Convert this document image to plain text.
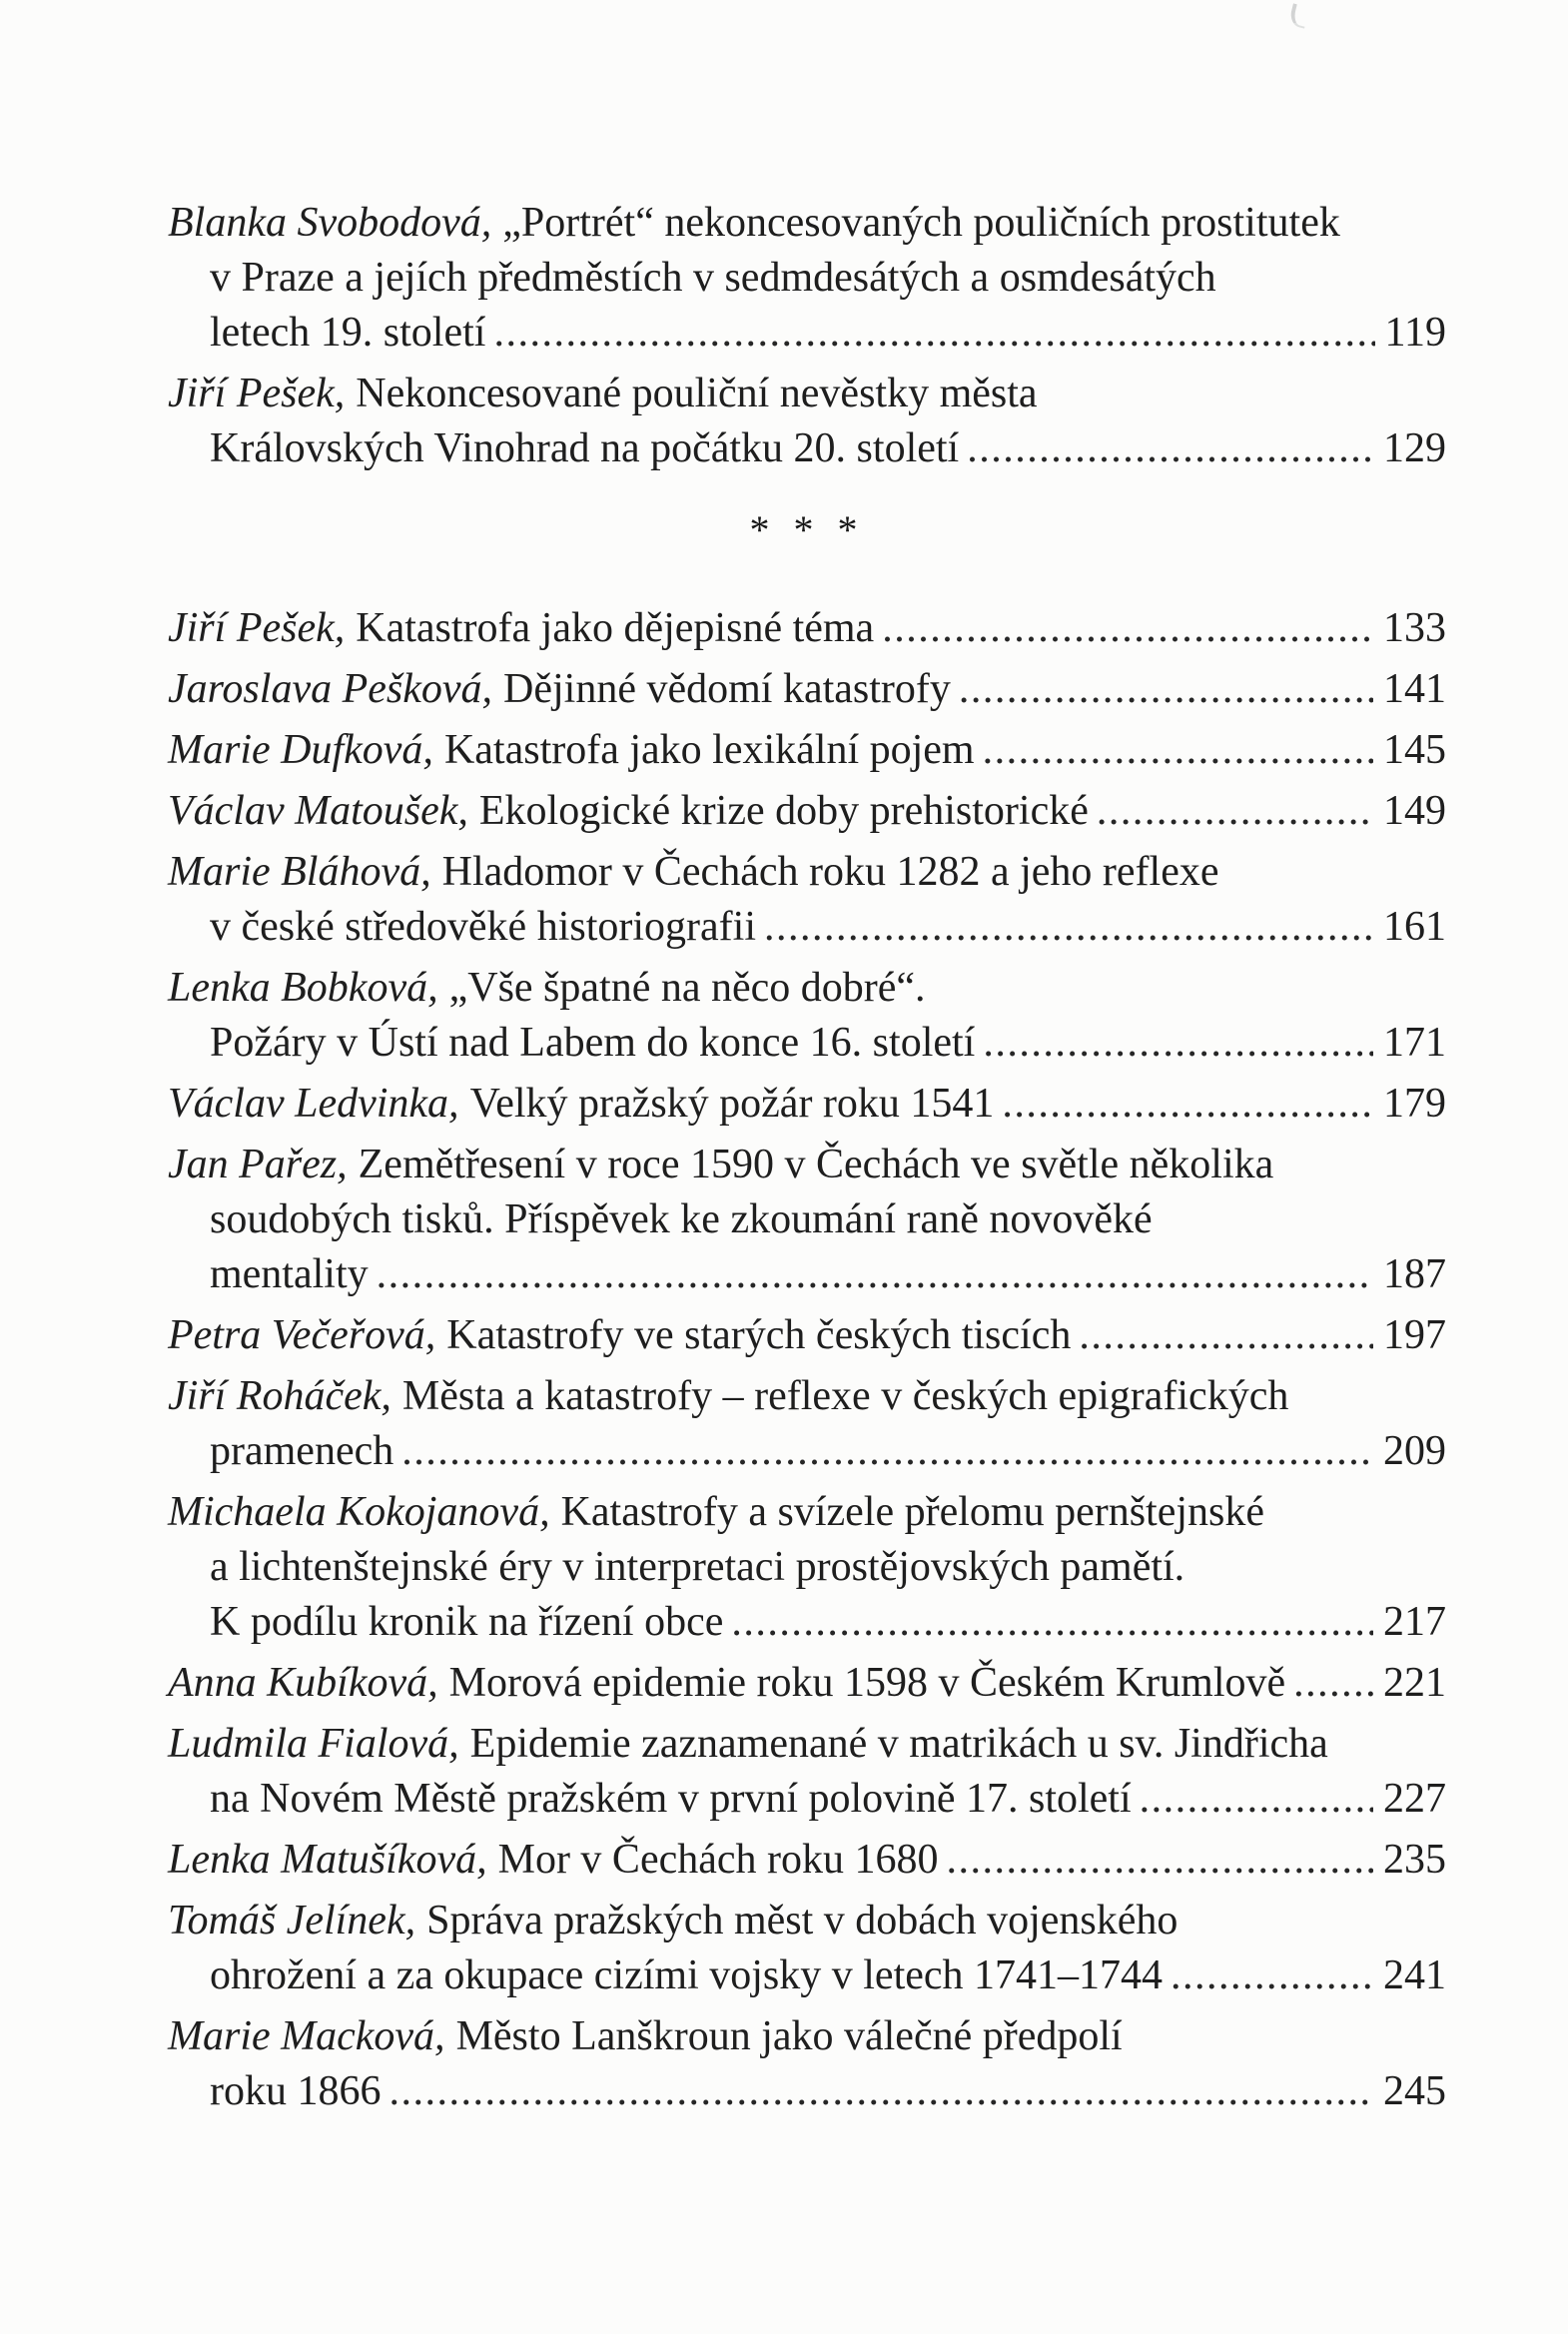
Blanka Svobodová, „Portrét“ nekoncesovaných pouličních prostitutek
v Praze a jejích předměstích v sedmdesátých a osmdesátých
letech 19. století .....	119
Jiří Pešek, Nekoncesované pouliční nevěstky města
Královských Vinohrad na počátku 20. století .....	129
* * *
Jiří Pešek, Katastrofa jako dějepisné téma .....	133
Jaroslava Pešková, Dějinné vědomí katastrofy .....	141
Marie Dufková, Katastrofa jako lexikální pojem .....	145
Václav Matoušek, Ekologické krize doby prehistorické .....	149
Marie Bláhová, Hladomor v Čechách roku 1282 a jeho reflexe
v české středověké historiografii .....	161
Lenka Bobková, „Vše špatné na něco dobré“.
Požáry v Ústí nad Labem do konce 16. století .....	171
Václav Ledvinka, Velký pražský požár roku 1541 .....	179
Jan Pařez, Zemětřesení v roce 1590 v Čechách ve světle několika
soudobých tisků. Příspěvek ke zkoumání raně novověké
mentality .....	187
Petra Večeřová, Katastrofy ve starých českých tiscích .....	197
Jiří Roháček, Města a katastrofy – reflexe v českých epigrafických
pramenech .....	209
Michaela Kokojanová, Katastrofy a svízele přelomu pernštejnské
a lichtenštejnské éry v interpretaci prostějovských pamětí.
K podílu kronik na řízení obce .....	217
Anna Kubíková, Morová epidemie roku 1598 v Českém Krumlově ..... 221
Ludmila Fialová, Epidemie zaznamenané v matrikách u sv. Jindřicha
na Novém Městě pražském v první polovině 17. století .....	227
Lenka Matušíková, Mor v Čechách roku 1680 .....	235
Tomáš Jelínek, Správa pražských měst v dobách vojenského
ohrožení a za okupace cizími vojsky v letech 1741–1744 .....	241
Marie Macková, Město Lanškroun jako válečné předpolí
roku 1866 .....	245
